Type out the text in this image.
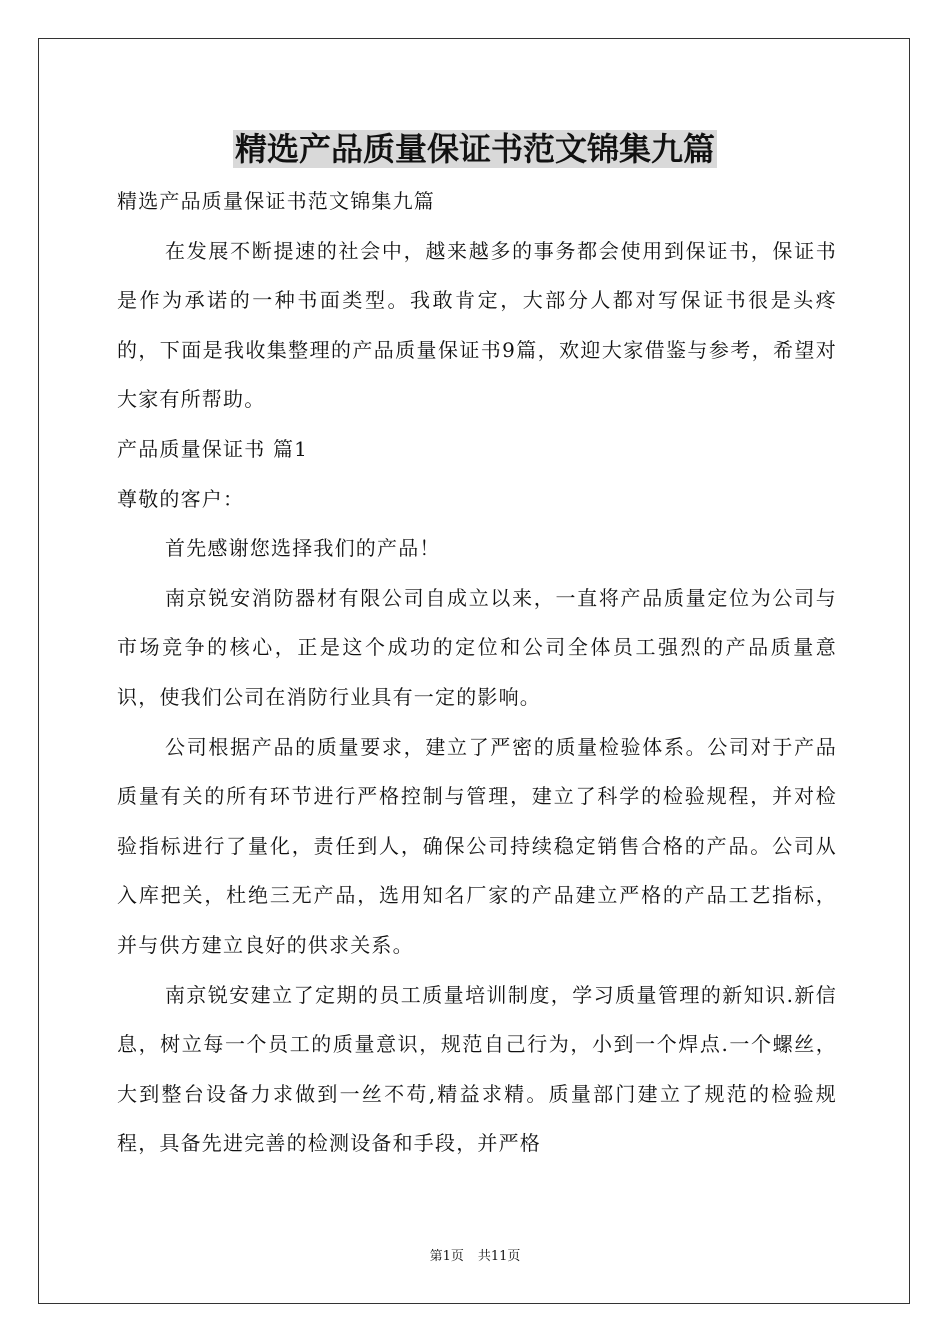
精选产品质量保证书范文锦集九篇

精选产品质量保证书范文锦集九篇

在发展不断提速的社会中，越来越多的事务都会使用到保证书，保证书是作为承诺的一种书面类型。我敢肯定，大部分人都对写保证书很是头疼的，下面是我收集整理的产品质量保证书9篇，欢迎大家借鉴与参考，希望对大家有所帮助。

产品质量保证书 篇1

尊敬的客户：

首先感谢您选择我们的产品！

南京锐安消防器材有限公司自成立以来，一直将产品质量定位为公司与市场竞争的核心，正是这个成功的定位和公司全体员工强烈的产品质量意识，使我们公司在消防行业具有一定的影响。

公司根据产品的质量要求，建立了严密的质量检验体系。公司对于产品质量有关的所有环节进行严格控制与管理，建立了科学的检验规程，并对检验指标进行了量化，责任到人，确保公司持续稳定销售合格的产品。公司从入库把关，杜绝三无产品，选用知名厂家的产品建立严格的产品工艺指标，并与供方建立良好的供求关系。

南京锐安建立了定期的员工质量培训制度，学习质量管理的新知识.新信息，树立每一个员工的质量意识，规范自己行为，小到一个焊点.一个螺丝，大到整台设备力求做到一丝不苟,精益求精。质量部门建立了规范的检验规程，具备先进完善的检测设备和手段，并严格

第1页 共11页
